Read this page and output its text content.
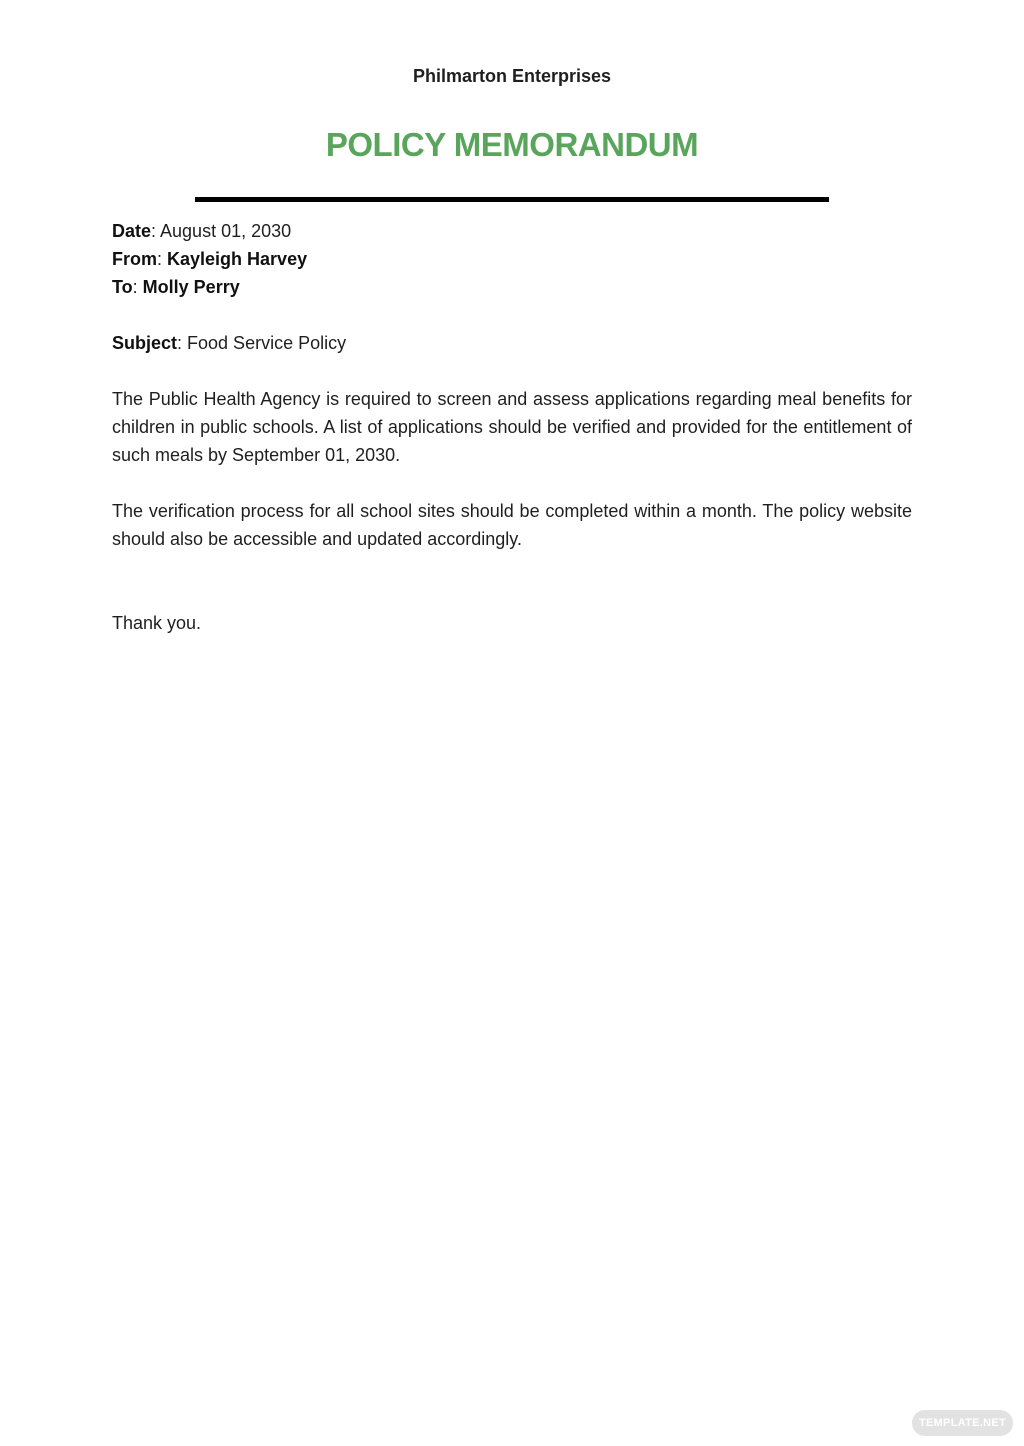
Philmarton Enterprises
POLICY MEMORANDUM

Date: August 01, 2030

From: Kayleigh Harvey

To: Molly Perry

Subject: Food Service Policy

The Public Health Agency is required to screen and assess applications regarding meal benefits for children in public schools. A list of applications should be verified and provided for the entitlement of such meals by September 01, 2030.

The verification process for all school sites should be completed within a month. The policy website should also be accessible and updated accordingly.

Thank you.

TEMPLATE.NET
